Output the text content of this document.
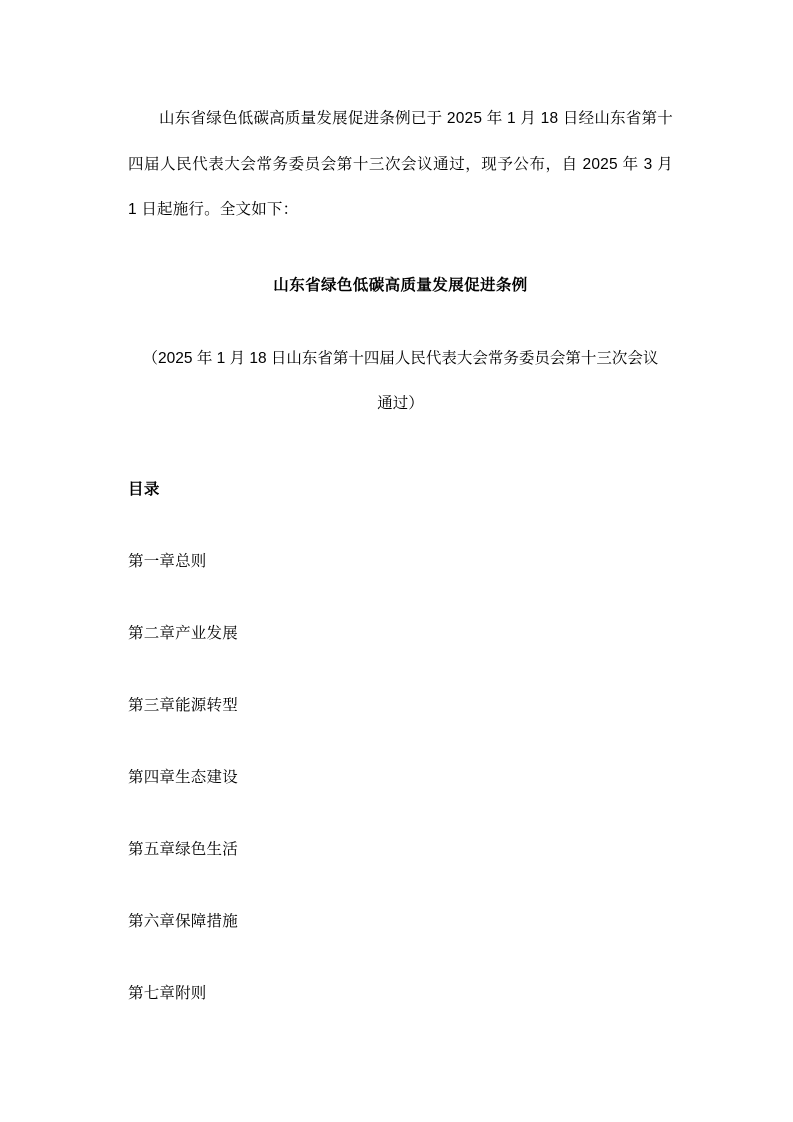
山东省绿色低碳高质量发展促进条例已于 2025 年 1 月 18 日经山东省第十四届人民代表大会常务委员会第十三次会议通过，现予公布，自 2025 年 3 月 1 日起施行。全文如下：

山东省绿色低碳高质量发展促进条例

（2025 年 1 月 18 日山东省第十四届人民代表大会常务委员会第十三次会议通过）

目录
第一章总则
第二章产业发展
第三章能源转型
第四章生态建设
第五章绿色生活
第六章保障措施
第七章附则
